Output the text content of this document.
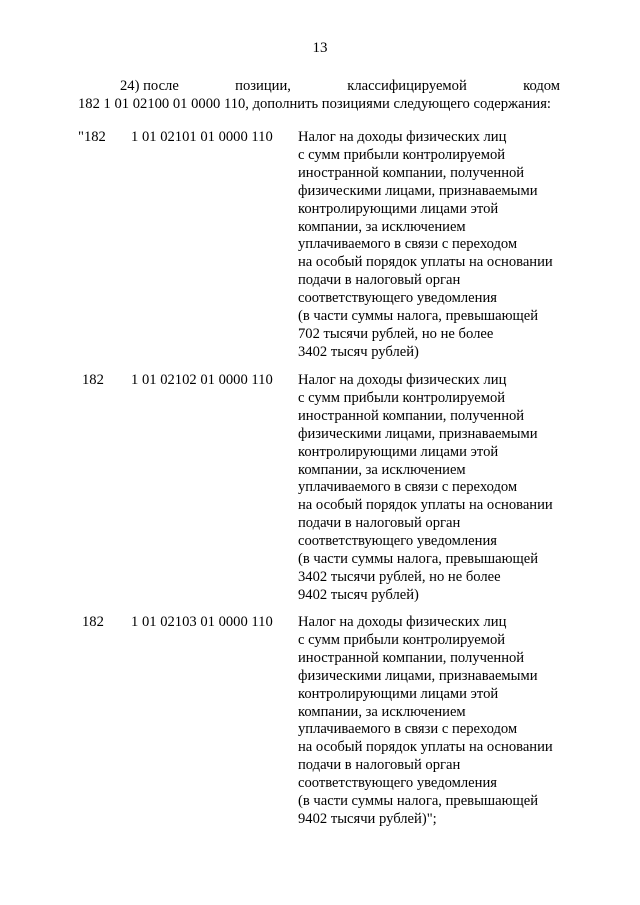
13
24) после	позиции,	классифицируемой	кодом
182 1 01 02100 01 0000 110, дополнить позициями следующего содержания:
"182 1 01 02101 01 0000 110 Налог на доходы физических лиц
с сумм прибыли контролируемой
иностранной компании, полученной
физическими лицами, признаваемыми
контролирующими лицами этой
компании, за исключением
уплачиваемого в связи с переходом
на особый порядок уплаты на основании
подачи в налоговый орган
соответствующего уведомления
(в части суммы налога, превышающей
702 тысячи рублей, но не более
3402 тысяч рублей)
182 1 01 02102 01 0000 110 Налог на доходы физических лиц
с сумм прибыли контролируемой
иностранной компании, полученной
физическими лицами, признаваемыми
контролирующими лицами этой
компании, за исключением
уплачиваемого в связи с переходом
на особый порядок уплаты на основании
подачи в налоговый орган
соответствующего уведомления
(в части суммы налога, превышающей
3402 тысячи рублей, но не более
9402 тысяч рублей)
182 1 01 02103 01 0000 110 Налог на доходы физических лиц
с сумм прибыли контролируемой
иностранной компании, полученной
физическими лицами, признаваемыми
контролирующими лицами этой
компании, за исключением
уплачиваемого в связи с переходом
на особый порядок уплаты на основании
подачи в налоговый орган
соответствующего уведомления
(в части суммы налога, превышающей
9402 тысячи рублей)";
